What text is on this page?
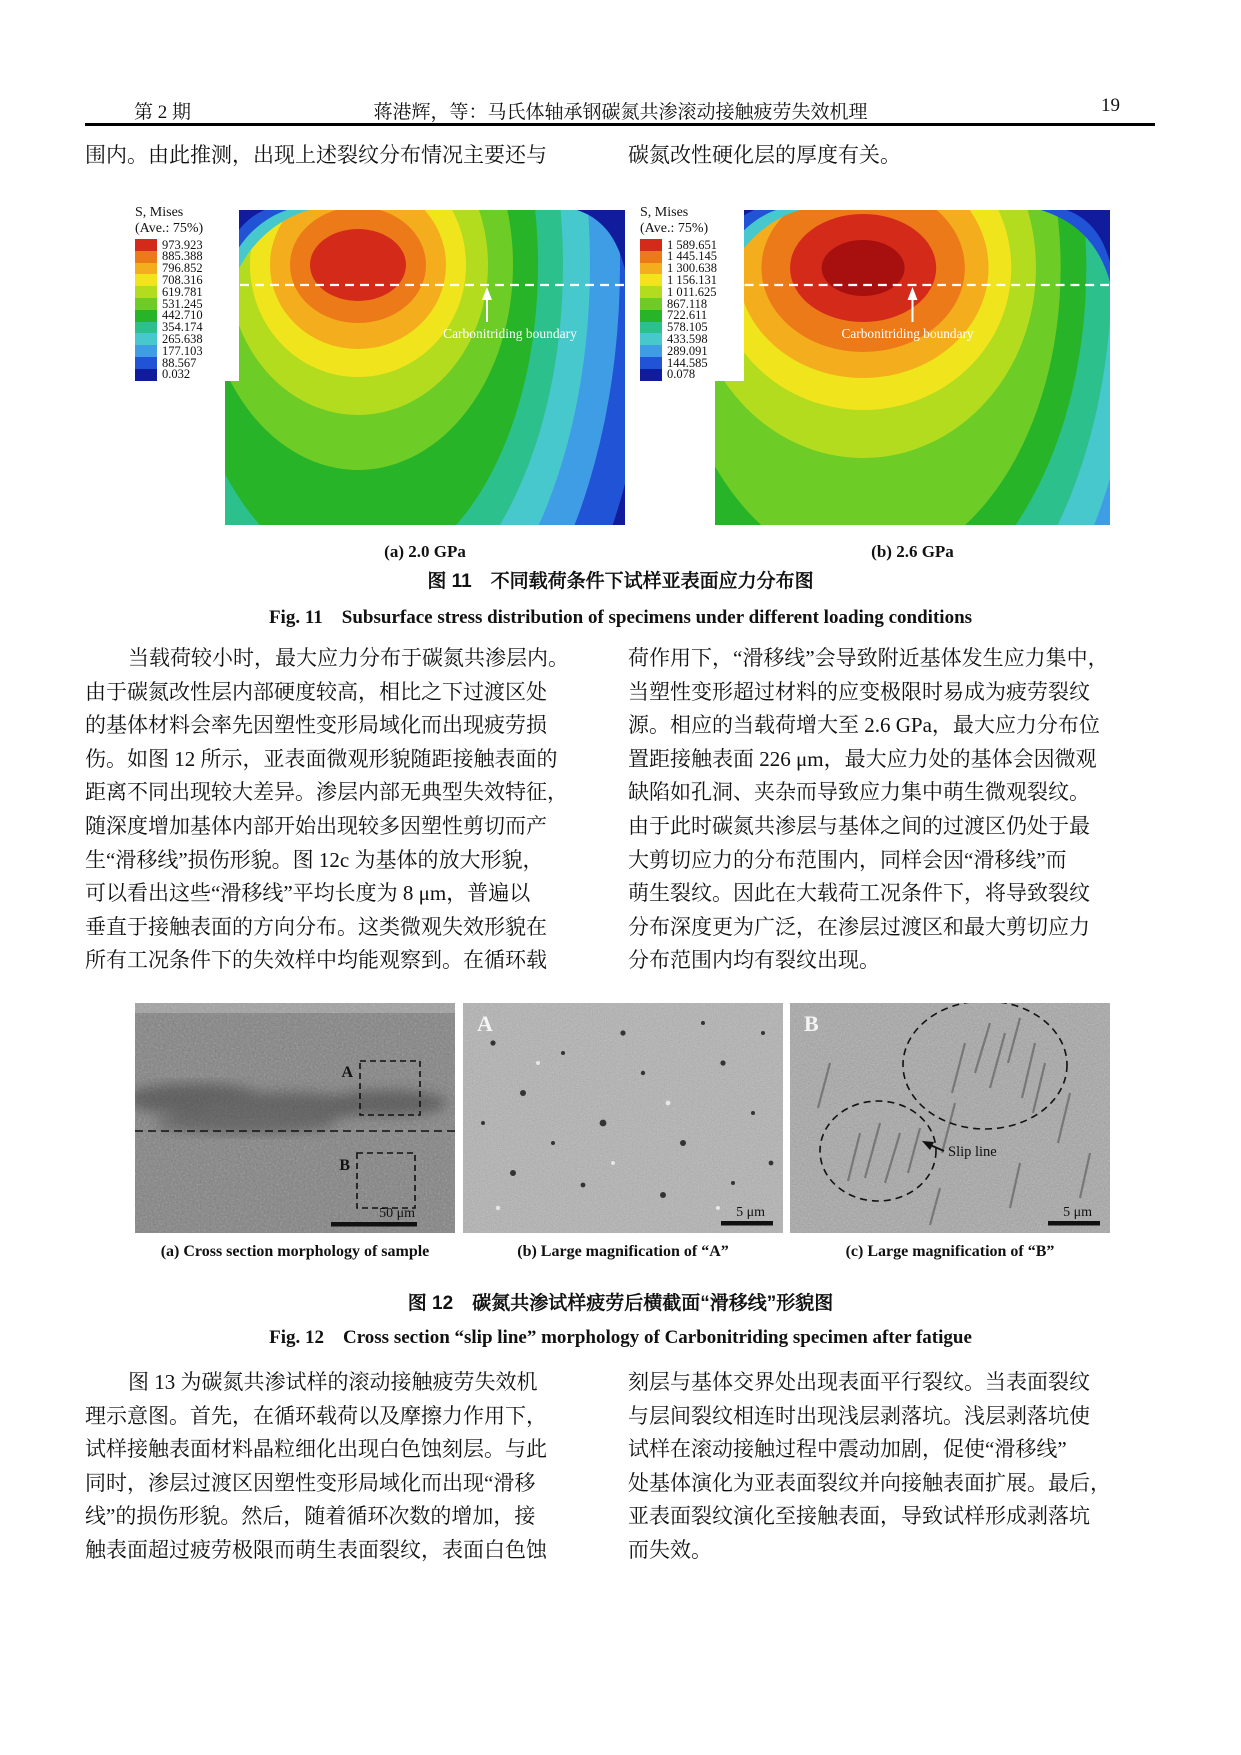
第 2 期	蒋港辉，等：马氏体轴承钢碳氮共渗滚动接触疲劳失效机理	19
围内。由此推测，出现上述裂纹分布情况主要还与	碳氮改性硬化层的厚度有关。
S, Mises
(Ave.: 75%)
973.923
885.388
796.852
708.316
619.781
531.245
442.710
354.174
265.638
177.103
88.567
0.032
Carbonitriding boundary
(a) 2.0 GPa
S, Mises
(Ave.: 75%)
1 589.651
1 445.145
1 300.638
1 156.131
1 011.625
867.118
722.611
578.105
433.598
289.091
144.585
0.078
Carbonitriding boundary
(b) 2.6 GPa
图 11　不同载荷条件下试样亚表面应力分布图
Fig. 11　Subsurface stress distribution of specimens under different loading conditions
当载荷较小时，最大应力分布于碳氮共渗层内。
由于碳氮改性层内部硬度较高，相比之下过渡区处
的基体材料会率先因塑性变形局域化而出现疲劳损
伤。如图 12 所示，亚表面微观形貌随距接触表面的
距离不同出现较大差异。渗层内部无典型失效特征，
随深度增加基体内部开始出现较多因塑性剪切而产
生“滑移线”损伤形貌。图 12c 为基体的放大形貌，
可以看出这些“滑移线”平均长度为 8 μm，普遍以
垂直于接触表面的方向分布。这类微观失效形貌在
所有工况条件下的失效样中均能观察到。在循环载
荷作用下，“滑移线”会导致附近基体发生应力集中，
当塑性变形超过材料的应变极限时易成为疲劳裂纹
源。相应的当载荷增大至 2.6 GPa，最大应力分布位
置距接触表面 226 μm，最大应力处的基体会因微观
缺陷如孔洞、夹杂而导致应力集中萌生微观裂纹。
由于此时碳氮共渗层与基体之间的过渡区仍处于最
大剪切应力的分布范围内，同样会因“滑移线”而
萌生裂纹。因此在大载荷工况条件下，将导致裂纹
分布深度更为广泛，在渗层过渡区和最大剪切应力
分布范围内均有裂纹出现。
A
B
50 μm
A
5 μm
Slip line
B
5 μm
(a) Cross section morphology of sample	(b) Large magnification of “A”	(c) Large magnification of “B”
图 12　碳氮共渗试样疲劳后横截面“滑移线”形貌图
Fig. 12　Cross section “slip line” morphology of Carbonitriding specimen after fatigue
图 13 为碳氮共渗试样的滚动接触疲劳失效机
理示意图。首先，在循环载荷以及摩擦力作用下，
试样接触表面材料晶粒细化出现白色蚀刻层。与此
同时，渗层过渡区因塑性变形局域化而出现“滑移
线”的损伤形貌。然后，随着循环次数的增加，接
触表面超过疲劳极限而萌生表面裂纹，表面白色蚀
刻层与基体交界处出现表面平行裂纹。当表面裂纹
与层间裂纹相连时出现浅层剥落坑。浅层剥落坑使
试样在滚动接触过程中震动加剧，促使“滑移线”
处基体演化为亚表面裂纹并向接触表面扩展。最后，
亚表面裂纹演化至接触表面，导致试样形成剥落坑
而失效。
